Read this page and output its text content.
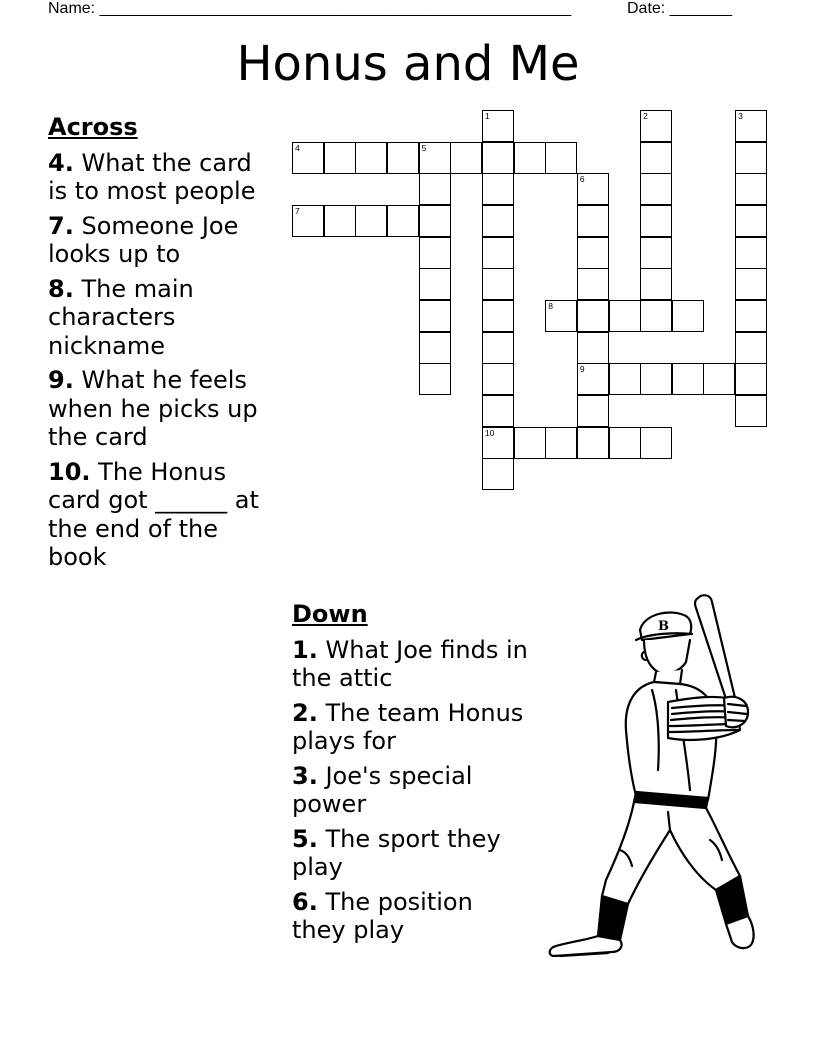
Name: _____________________________________________________	Date: _______
Honus and Me
Across
4. What the card is to most people
7. Someone Joe looks up to
8. The main characters nickname
9. What he feels when he picks up the card
10. The Honus card got ______ at the end of the book
1	2	3
4	5
6
7
8
9
10
Down
1. What Joe finds in the attic
2. The team Honus plays for
3. Joe's special power
5. The sport they play
6. The position they play
B
